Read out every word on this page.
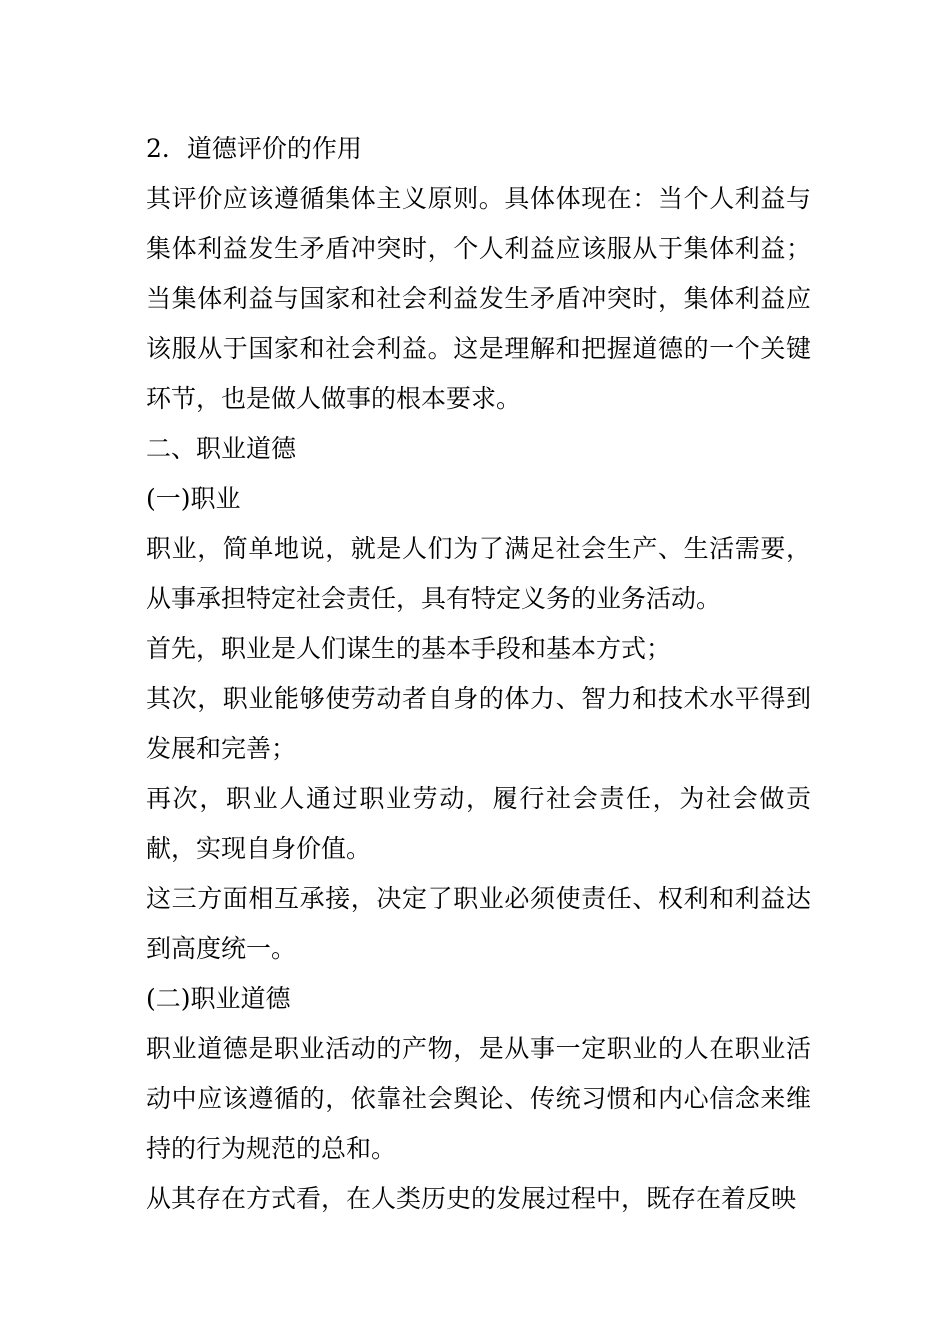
2．道德评价的作用

其评价应该遵循集体主义原则。具体体现在：当个人利益与集体利益发生矛盾冲突时，个人利益应该服从于集体利益；当集体利益与国家和社会利益发生矛盾冲突时，集体利益应该服从于国家和社会利益。这是理解和把握道德的一个关键环节，也是做人做事的根本要求。

二、职业道德

(一)职业

职业，简单地说，就是人们为了满足社会生产、生活需要，从事承担特定社会责任，具有特定义务的业务活动。

首先，职业是人们谋生的基本手段和基本方式；

其次，职业能够使劳动者自身的体力、智力和技术水平得到发展和完善；

再次，职业人通过职业劳动，履行社会责任，为社会做贡献，实现自身价值。

这三方面相互承接，决定了职业必须使责任、权利和利益达到高度统一。

(二)职业道德

职业道德是职业活动的产物，是从事一定职业的人在职业活动中应该遵循的，依靠社会舆论、传统习惯和内心信念来维持的行为规范的总和。

从其存在方式看，在人类历史的发展过程中，既存在着反映
